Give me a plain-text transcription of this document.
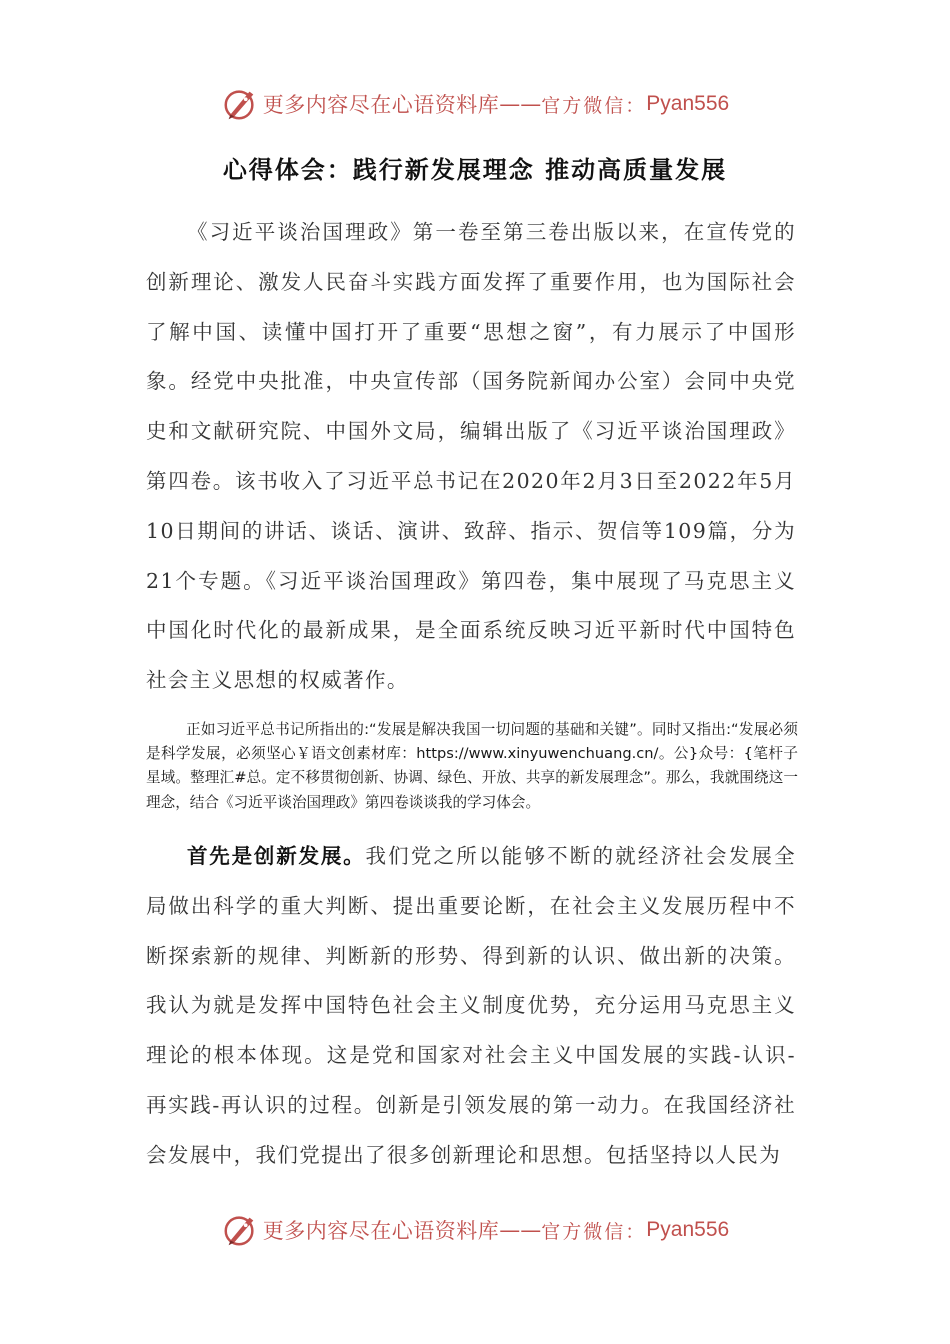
更多内容尽在心语资料库 —— 官方微信： Pyan556
心得体会：践行新发展理念 推动高质量发展

《习近平谈治国理政》第一卷至第三卷出版以来，在宣传党的创新理论、激发人民奋斗实践方面发挥了重要作用，也为国际社会了解中国、读懂中国打开了重要“思想之窗”，有力展示了中国形象。经党中央批准，中央宣传部（国务院新闻办公室）会同中央党史和文献研究院、中国外文局，编辑出版了《习近平谈治国理政》第四卷。该书收入了习近平总书记在2020年2月3日至2022年5月10日期间的讲话、谈话、演讲、致辞、指示、贺信等109篇，分为21个专题。《习近平谈治国理政》第四卷，集中展现了马克思主义中国化时代化的最新成果，是全面系统反映习近平新时代中国特色社会主义思想的权威著作。

正如习近平总书记所指出的:“发展是解决我国一切问题的基础和关键”。同时又指出:“发展必须是科学发展，必须坚心￥语文创素材库：https://www.xinyuwenchuang.cn/。公}众号：{笔杆子星域。整理汇#总。定不移贯彻创新、协调、绿色、开放、共享的新发展理念”。那么，我就围绕这一理念，结合《习近平谈治国理政》第四卷谈谈我的学习体会。

首先是创新发展。我们党之所以能够不断的就经济社会发展全局做出科学的重大判断、提出重要论断，在社会主义发展历程中不断探索新的规律、判断新的形势、得到新的认识、做出新的决策。我认为就是发挥中国特色社会主义制度优势，充分运用马克思主义理论的根本体现。这是党和国家对社会主义中国发展的实践-认识-再实践-再认识的过程。创新是引领发展的第一动力。在我国经济社会发展中，我们党提出了很多创新理论和思想。包括坚持以人民为

更多内容尽在心语资料库 —— 官方微信： Pyan556
